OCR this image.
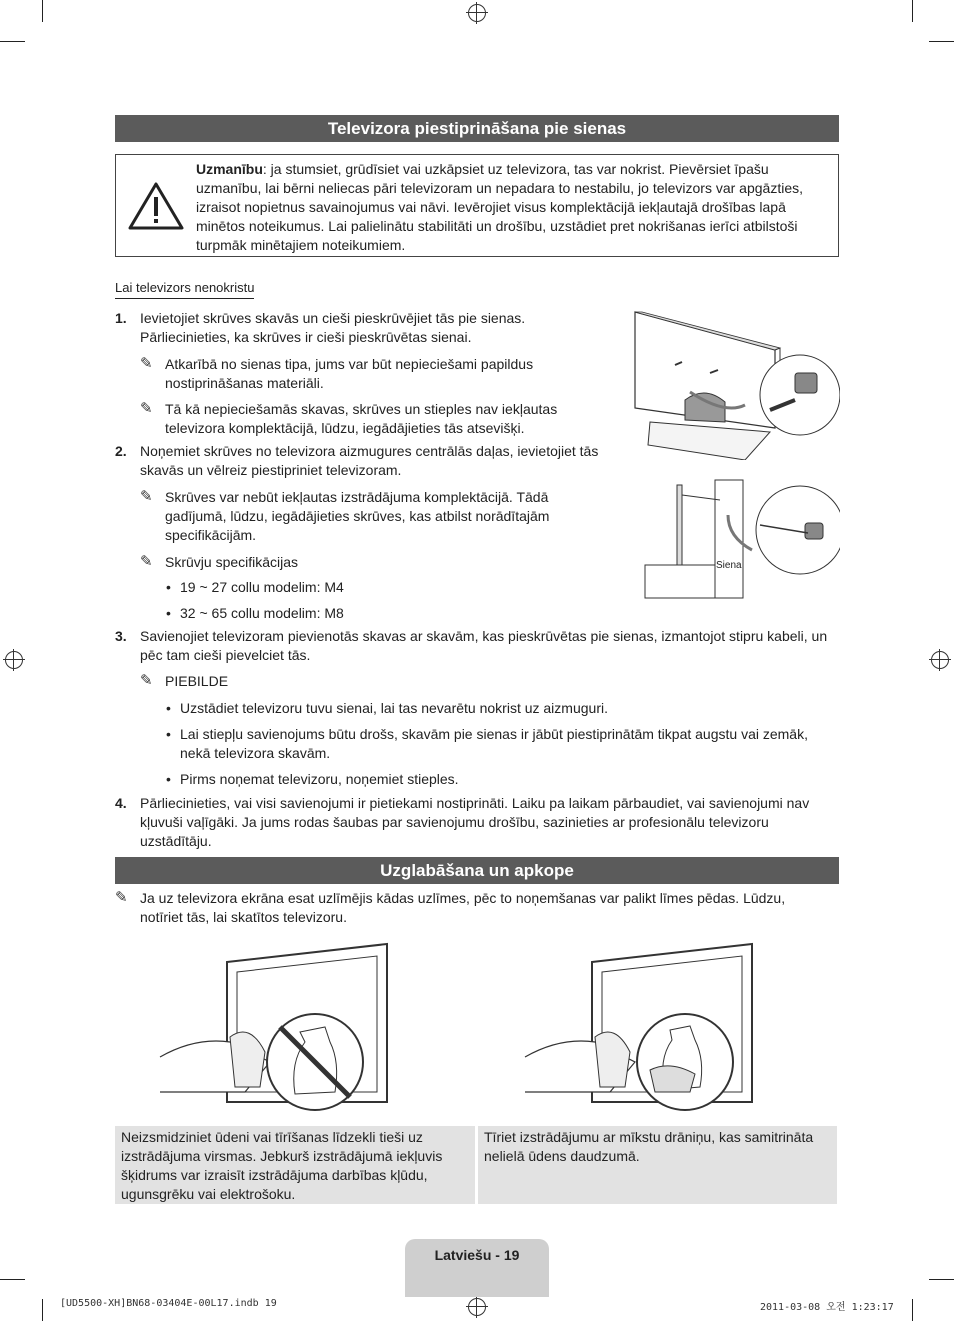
Televizora piestiprināšana pie sienas
Uzmanību: ja stumsiet, grūdīsiet vai uzkāpsiet uz televizora, tas var nokrist. Pievērsiet īpašu uzmanību, lai bērni neliecas pāri televizoram un nepadara to nestabilu, jo televizors var apgāzties, izraisot nopietnus savainojumus vai nāvi. Ievērojiet visus komplektācijā iekļautajā drošības lapā minētos noteikumus. Lai palielinātu stabilitāti un drošību, uzstādiet pret nokrišanas ierīci atbilstoši turpmāk minētajiem noteikumiem.
Lai televizors nenokristu
1. Ievietojiet skrūves skavās un cieši pieskrūvējiet tās pie sienas. Pārliecinieties, ka skrūves ir cieši pieskrūvētas sienai.
✎ Atkarībā no sienas tipa, jums var būt nepieciešami papildus nostiprināšanas materiāli.
✎ Tā kā nepieciešamās skavas, skrūves un stieples nav iekļautas televizora komplektācijā, lūdzu, iegādājieties tās atsevišķi.
2. Noņemiet skrūves no televizora aizmugures centrālās daļas, ievietojiet tās skavās un vēlreiz piestipriniet televizoram.
✎ Skrūves var nebūt iekļautas izstrādājuma komplektācijā. Tādā gadījumā, lūdzu, iegādājieties skrūves, kas atbilst norādītajām specifikācijām.
✎ Skrūvju specifikācijas
• 19 ~ 27 collu modelim: M4
• 32 ~ 65 collu modelim: M8
3. Savienojiet televizoram pievienotās skavas ar skavām, kas pieskrūvētas pie sienas, izmantojot stipru kabeli, un pēc tam cieši pievelciet tās.
✎ PIEBILDE
• Uzstādiet televizoru tuvu sienai, lai tas nevarētu nokrist uz aizmuguri.
• Lai stiepļu savienojums būtu drošs, skavām pie sienas ir jābūt piestiprinātām tikpat augstu vai zemāk, nekā televizora skavām.
• Pirms noņemat televizoru, noņemiet stieples.
4. Pārliecinieties, vai visi savienojumi ir pietiekami nostiprināti. Laiku pa laikam pārbaudiet, vai savienojumi nav kļuvuši vaļīgāki. Ja jums rodas šaubas par savienojumu drošību, sazinieties ar profesionālu televizoru uzstādītāju.
Siena
Uzglabāšana un apkope
✎ Ja uz televizora ekrāna esat uzlīmējis kādas uzlīmes, pēc to noņemšanas var palikt līmes pēdas. Lūdzu, notīriet tās, lai skatītos televizoru.
Neizsmidziniet ūdeni vai tīrīšanas līdzekli tieši uz izstrādājuma virsmas. Jebkurš izstrādājumā iekļuvis šķidrums var izraisīt izstrādājuma darbības kļūdu, ugunsgrēku vai elektrošoku.
Tīriet izstrādājumu ar mīkstu drāniņu, kas samitrināta nelielā ūdens daudzumā.
Latviešu - 19
[UD5500-XH]BN68-03404E-00L17.indb 19	2011-03-08 오전 1:23:17
